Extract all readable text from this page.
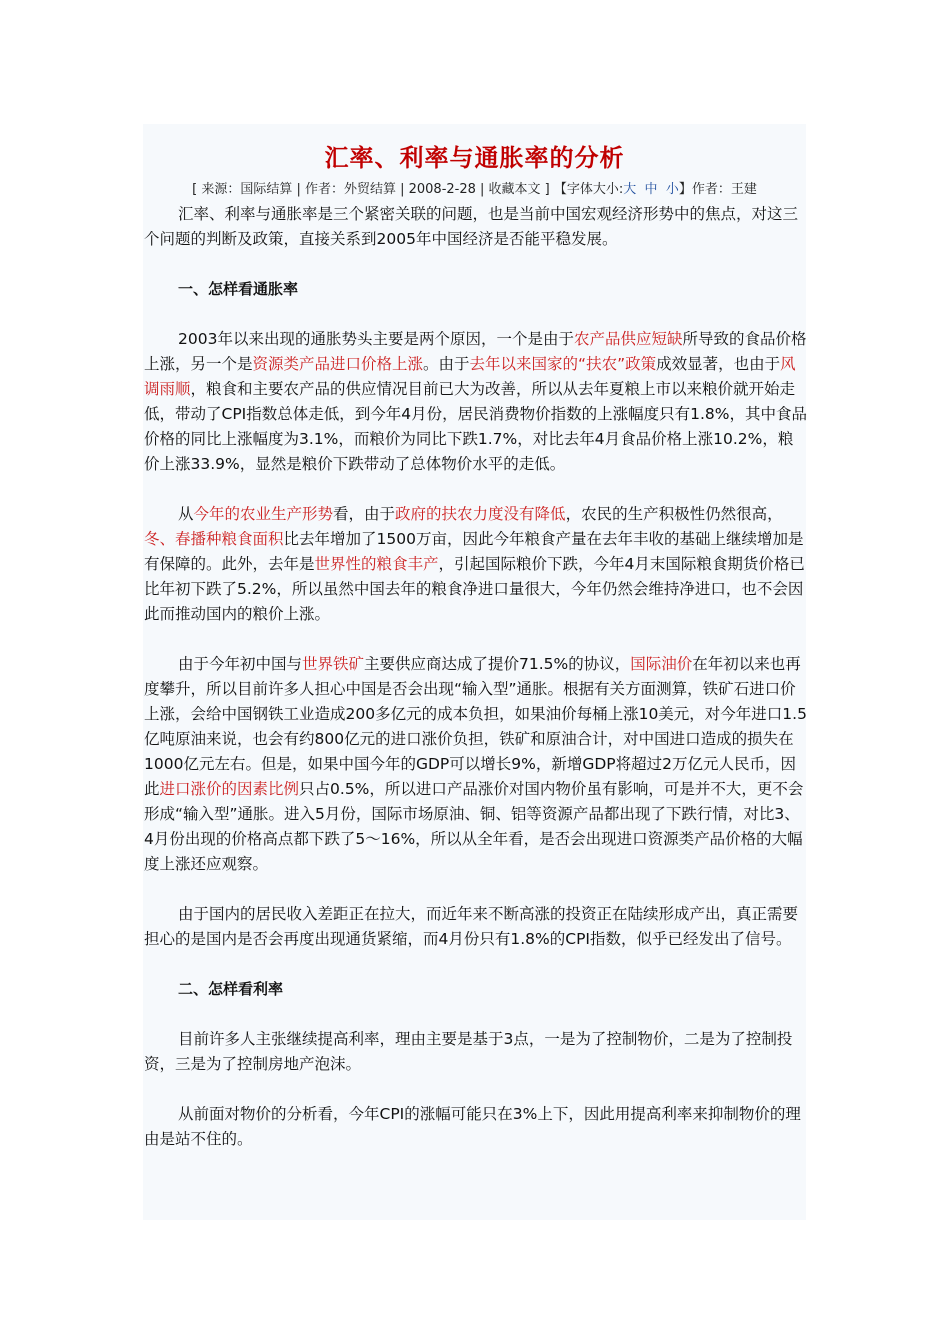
汇率、利率与通胀率的分析
[ 来源：国际结算 | 作者：外贸结算 | 2008-2-28 | 收藏本文 ] 【字体大小:大 中 小】作者：王建

汇率、利率与通胀率是三个紧密关联的问题，也是当前中国宏观经济形势中的焦点，对这三个问题的判断及政策，直接关系到2005年中国经济是否能平稳发展。

一、怎样看通胀率

2003年以来出现的通胀势头主要是两个原因，一个是由于农产品供应短缺所导致的食品价格上涨，另一个是资源类产品进口价格上涨。由于去年以来国家的“扶农”政策成效显著，也由于风调雨顺，粮食和主要农产品的供应情况目前已大为改善，所以从去年夏粮上市以来粮价就开始走低，带动了CPI指数总体走低，到今年4月份，居民消费物价指数的上涨幅度只有1.8%，其中食品价格的同比上涨幅度为3.1%，而粮价为同比下跌1.7%，对比去年4月食品价格上涨10.2%，粮价上涨33.9%，显然是粮价下跌带动了总体物价水平的走低。

从今年的农业生产形势看，由于政府的扶农力度没有降低，农民的生产积极性仍然很高，冬、春播种粮食面积比去年增加了1500万亩，因此今年粮食产量在去年丰收的基础上继续增加是有保障的。此外，去年是世界性的粮食丰产，引起国际粮价下跌，今年4月末国际粮食期货价格已比年初下跌了5.2%，所以虽然中国去年的粮食净进口量很大，今年仍然会维持净进口，也不会因此而推动国内的粮价上涨。

由于今年初中国与世界铁矿主要供应商达成了提价71.5%的协议，国际油价在年初以来也再度攀升，所以目前许多人担心中国是否会出现“输入型”通胀。根据有关方面测算，铁矿石进口价上涨，会给中国钢铁工业造成200多亿元的成本负担，如果油价每桶上涨10美元，对今年进口1.5亿吨原油来说，也会有约800亿元的进口涨价负担，铁矿和原油合计，对中国进口造成的损失在1000亿元左右。但是，如果中国今年的GDP可以增长9%，新增GDP将超过2万亿元人民币，因此进口涨价的因素比例只占0.5%，所以进口产品涨价对国内物价虽有影响，可是并不大，更不会形成“输入型”通胀。进入5月份，国际市场原油、铜、铝等资源产品都出现了下跌行情，对比3、4月份出现的价格高点都下跌了5～16%，所以从全年看，是否会出现进口资源类产品价格的大幅度上涨还应观察。

由于国内的居民收入差距正在拉大，而近年来不断高涨的投资正在陆续形成产出，真正需要担心的是国内是否会再度出现通货紧缩，而4月份只有1.8%的CPI指数，似乎已经发出了信号。

二、怎样看利率

目前许多人主张继续提高利率，理由主要是基于3点，一是为了控制物价，二是为了控制投资，三是为了控制房地产泡沫。

从前面对物价的分析看，今年CPI的涨幅可能只在3%上下，因此用提高利率来抑制物价的理由是站不住的。
